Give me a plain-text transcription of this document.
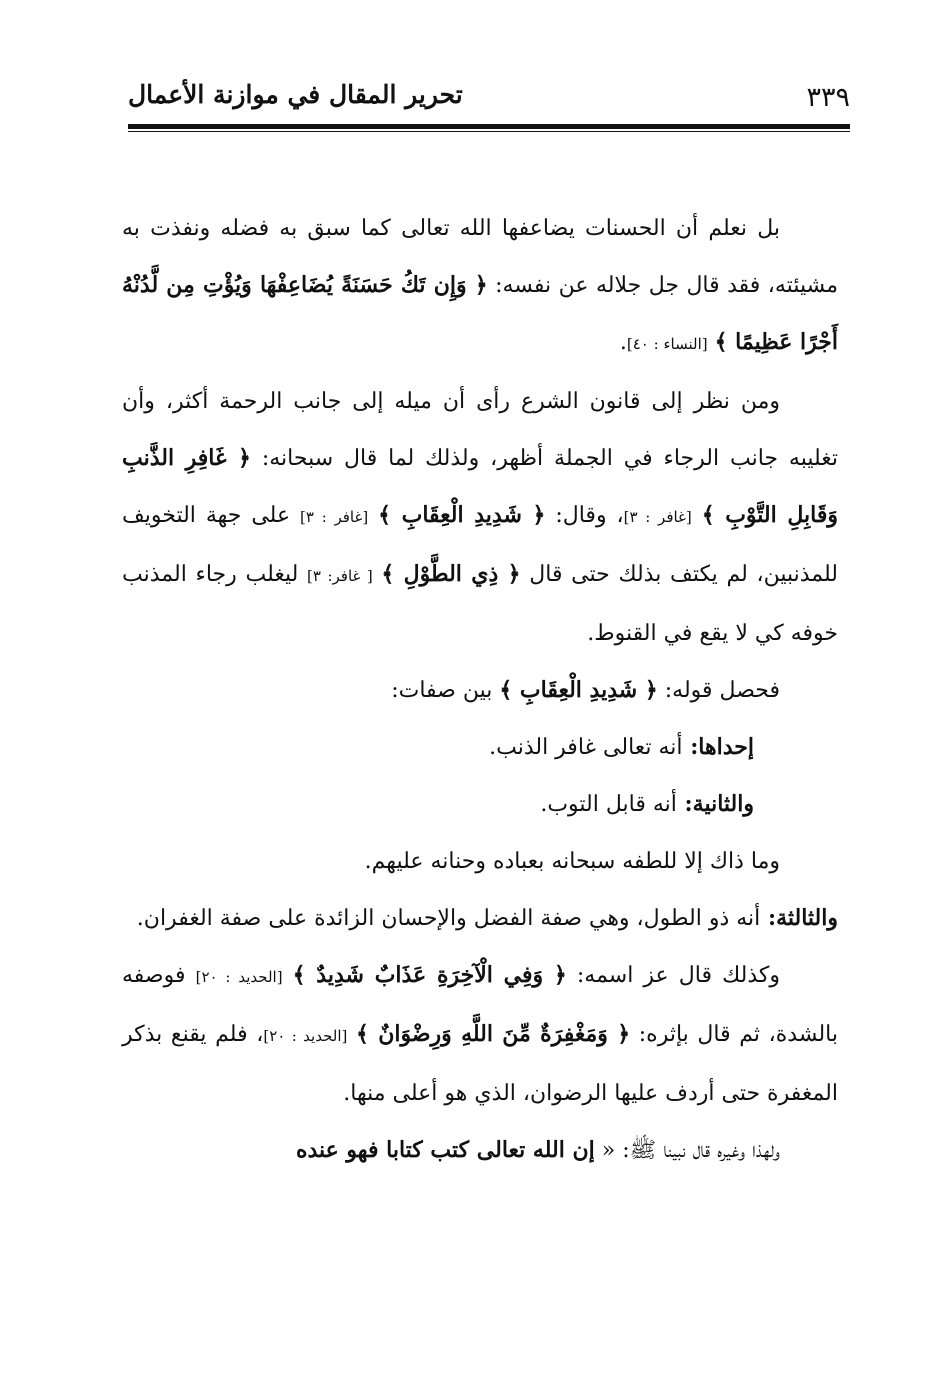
٣٣٩
تحرير المقال في موازنة الأعمال

بل نعلم أن الحسنات يضاعفها الله تعالى كما سبق به فضله ونفذت به مشيئته، فقد قال جل جلاله عن نفسه: ﴿ وَإِن تَكُ حَسَنَةً يُضَاعِفْهَا وَيُؤْتِ مِن لَّدُنْهُ أَجْرًا عَظِيمًا ﴾ [النساء : ٤٠].

ومن نظر إلى قانون الشرع رأى أن ميله إلى جانب الرحمة أكثر، وأن تغليبه جانب الرجاء في الجملة أظهر، ولذلك لما قال سبحانه: ﴿ غَافِرِ الذَّنبِ وَقَابِلِ التَّوْبِ ﴾ [غافر : ٣]، وقال: ﴿ شَدِيدِ الْعِقَابِ ﴾ [غافر : ٣] على جهة التخويف للمذنبين، لم يكتف بذلك حتى قال ﴿ ذِي الطَّوْلِ ﴾ [ غافر: ٣] ليغلب رجاء المذنب خوفه كي لا يقع في القنوط.

فحصل قوله: ﴿ شَدِيدِ الْعِقَابِ ﴾ بين صفات:

إحداها: أنه تعالى غافر الذنب.

والثانية: أنه قابل التوب.

وما ذاك إلا للطفه سبحانه بعباده وحنانه عليهم.

والثالثة: أنه ذو الطول، وهي صفة الفضل والإحسان الزائدة على صفة الغفران.

وكذلك قال عز اسمه: ﴿ وَفِي الْآخِرَةِ عَذَابٌ شَدِيدٌ ﴾ [الحديد : ٢٠] فوصفه بالشدة، ثم قال بإثره: ﴿ وَمَغْفِرَةٌ مِّنَ اللَّهِ وَرِضْوَانٌ ﴾ [الحديد : ٢٠]، فلم يقنع بذكر المغفرة حتى أردف عليها الرضوان، الذي هو أعلى منها.

ولهذا وغيره قال نبينا ﷺ: « إن الله تعالى كتب كتابا فهو عنده
